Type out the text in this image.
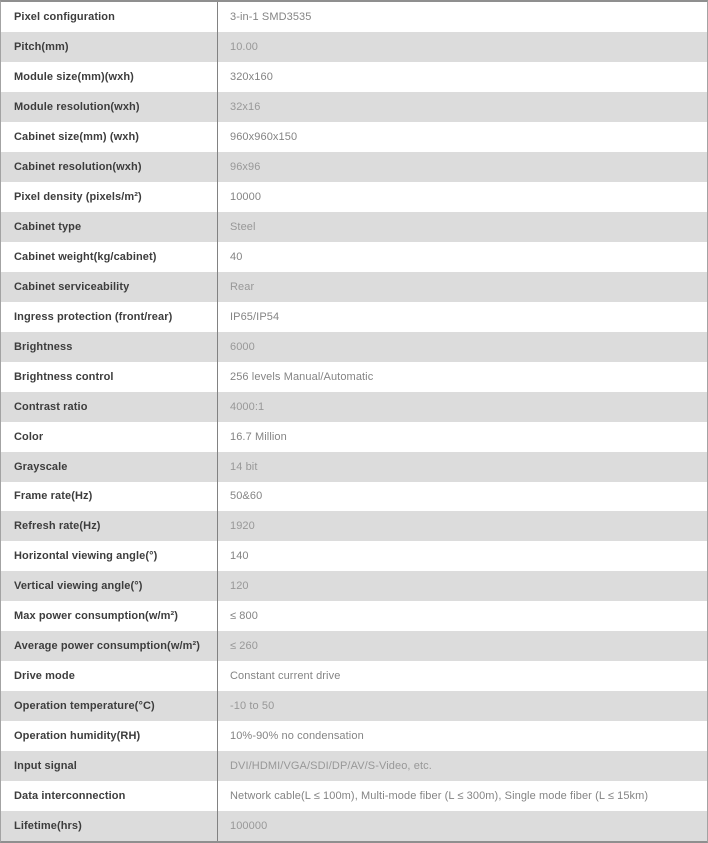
Pixel configuration	3-in-1 SMD3535
Pitch(mm)	10.00
Module size(mm)(wxh)	320x160
Module resolution(wxh)	32x16
Cabinet size(mm) (wxh)	960x960x150
Cabinet resolution(wxh)	96x96
Pixel density (pixels/m²)	10000
Cabinet type	Steel
Cabinet weight(kg/cabinet)	40
Cabinet serviceability	Rear
Ingress protection (front/rear)	IP65/IP54
Brightness	6000
Brightness control	256 levels Manual/Automatic
Contrast ratio	4000:1
Color	16.7 Million
Grayscale	14 bit
Frame rate(Hz)	50&60
Refresh rate(Hz)	1920
Horizontal viewing angle(°)	140
Vertical viewing angle(°)	120
Max power consumption(w/m²)	≤ 800
Average power consumption(w/m²)	≤ 260
Drive mode	Constant current drive
Operation temperature(°C)	-10 to 50
Operation humidity(RH)	10%-90% no condensation
Input signal	DVI/HDMI/VGA/SDI/DP/AV/S-Video, etc.
Data interconnection	Network cable(L ≤ 100m), Multi-mode fiber (L ≤ 300m), Single mode fiber (L ≤ 15km)
Lifetime(hrs)	100000
